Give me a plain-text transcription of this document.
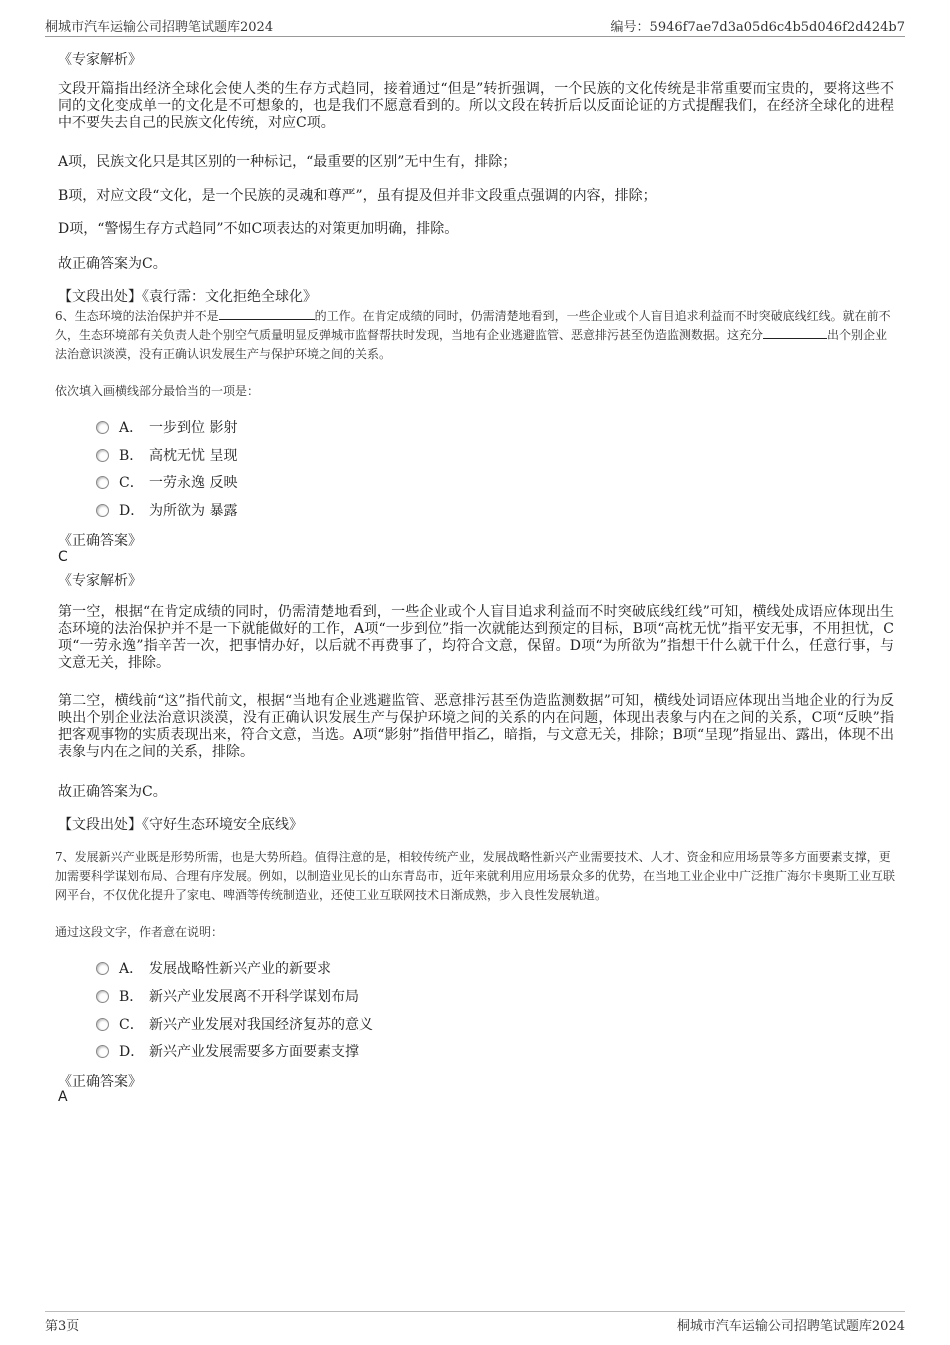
桐城市汽车运输公司招聘笔试题库2024	编号：5946f7ae7d3a05d6c4b5d046f2d424b7
《专家解析》
文段开篇指出经济全球化会使人类的生存方式趋同，接着通过“但是”转折强调，一个民族的文化传统是非常重要而宝贵的，要将这些不同的文化变成单一的文化是不可想象的，也是我们不愿意看到的。所以文段在转折后以反面论证的方式提醒我们，在经济全球化的进程中不要失去自己的民族文化传统，对应C项。
A项，民族文化只是其区别的一种标记，“最重要的区别”无中生有，排除；
B项，对应文段“文化，是一个民族的灵魂和尊严”，虽有提及但并非文段重点强调的内容，排除；
D项，“警惕生存方式趋同”不如C项表达的对策更加明确，排除。
故正确答案为C。
【文段出处】《袁行霈：文化拒绝全球化》
6、生态环境的法治保护并不是	的工作。在肯定成绩的同时，仍需清楚地看到，一些企业或个人盲目追求利益而不时突破底线红线。就在前不久，生态环境部有关负责人赴个别空气质量明显反弹城市监督帮扶时发现，当地有企业逃避监管、恶意排污甚至伪造监测数据。这充分	出个别企业法治意识淡漠，没有正确认识发展生产与保护环境之间的关系。
依次填入画横线部分最恰当的一项是：
A． 一步到位 影射
B． 高枕无忧 呈现
C． 一劳永逸 反映
D． 为所欲为 暴露
《正确答案》
C
《专家解析》
第一空，根据“在肯定成绩的同时，仍需清楚地看到，一些企业或个人盲目追求利益而不时突破底线红线”可知，横线处成语应体现出生态环境的法治保护并不是一下就能做好的工作，A项“一步到位”指一次就能达到预定的目标，B项“高枕无忧”指平安无事，不用担忧，C项“一劳永逸”指辛苦一次，把事情办好，以后就不再费事了，均符合文意，保留。D项“为所欲为”指想干什么就干什么，任意行事，与文意无关，排除。
第二空，横线前“这”指代前文，根据“当地有企业逃避监管、恶意排污甚至伪造监测数据”可知，横线处词语应体现出当地企业的行为反映出个别企业法治意识淡漠，没有正确认识发展生产与保护环境之间的关系的内在问题，体现出表象与内在之间的关系，C项“反映”指把客观事物的实质表现出来，符合文意，当选。A项“影射”指借甲指乙，暗指，与文意无关，排除；B项“呈现”指显出、露出，体现不出表象与内在之间的关系，排除。
故正确答案为C。
【文段出处】《守好生态环境安全底线》
7、发展新兴产业既是形势所需，也是大势所趋。值得注意的是，相较传统产业，发展战略性新兴产业需要技术、人才、资金和应用场景等多方面要素支撑，更加需要科学谋划布局、合理有序发展。例如，以制造业见长的山东青岛市，近年来就利用应用场景众多的优势，在当地工业企业中广泛推广海尔卡奥斯工业互联网平台，不仅优化提升了家电、啤酒等传统制造业，还使工业互联网技术日渐成熟，步入良性发展轨道。
通过这段文字，作者意在说明：
A． 发展战略性新兴产业的新要求
B． 新兴产业发展离不开科学谋划布局
C． 新兴产业发展对我国经济复苏的意义
D． 新兴产业发展需要多方面要素支撑
《正确答案》
A
第3页	桐城市汽车运输公司招聘笔试题库2024
